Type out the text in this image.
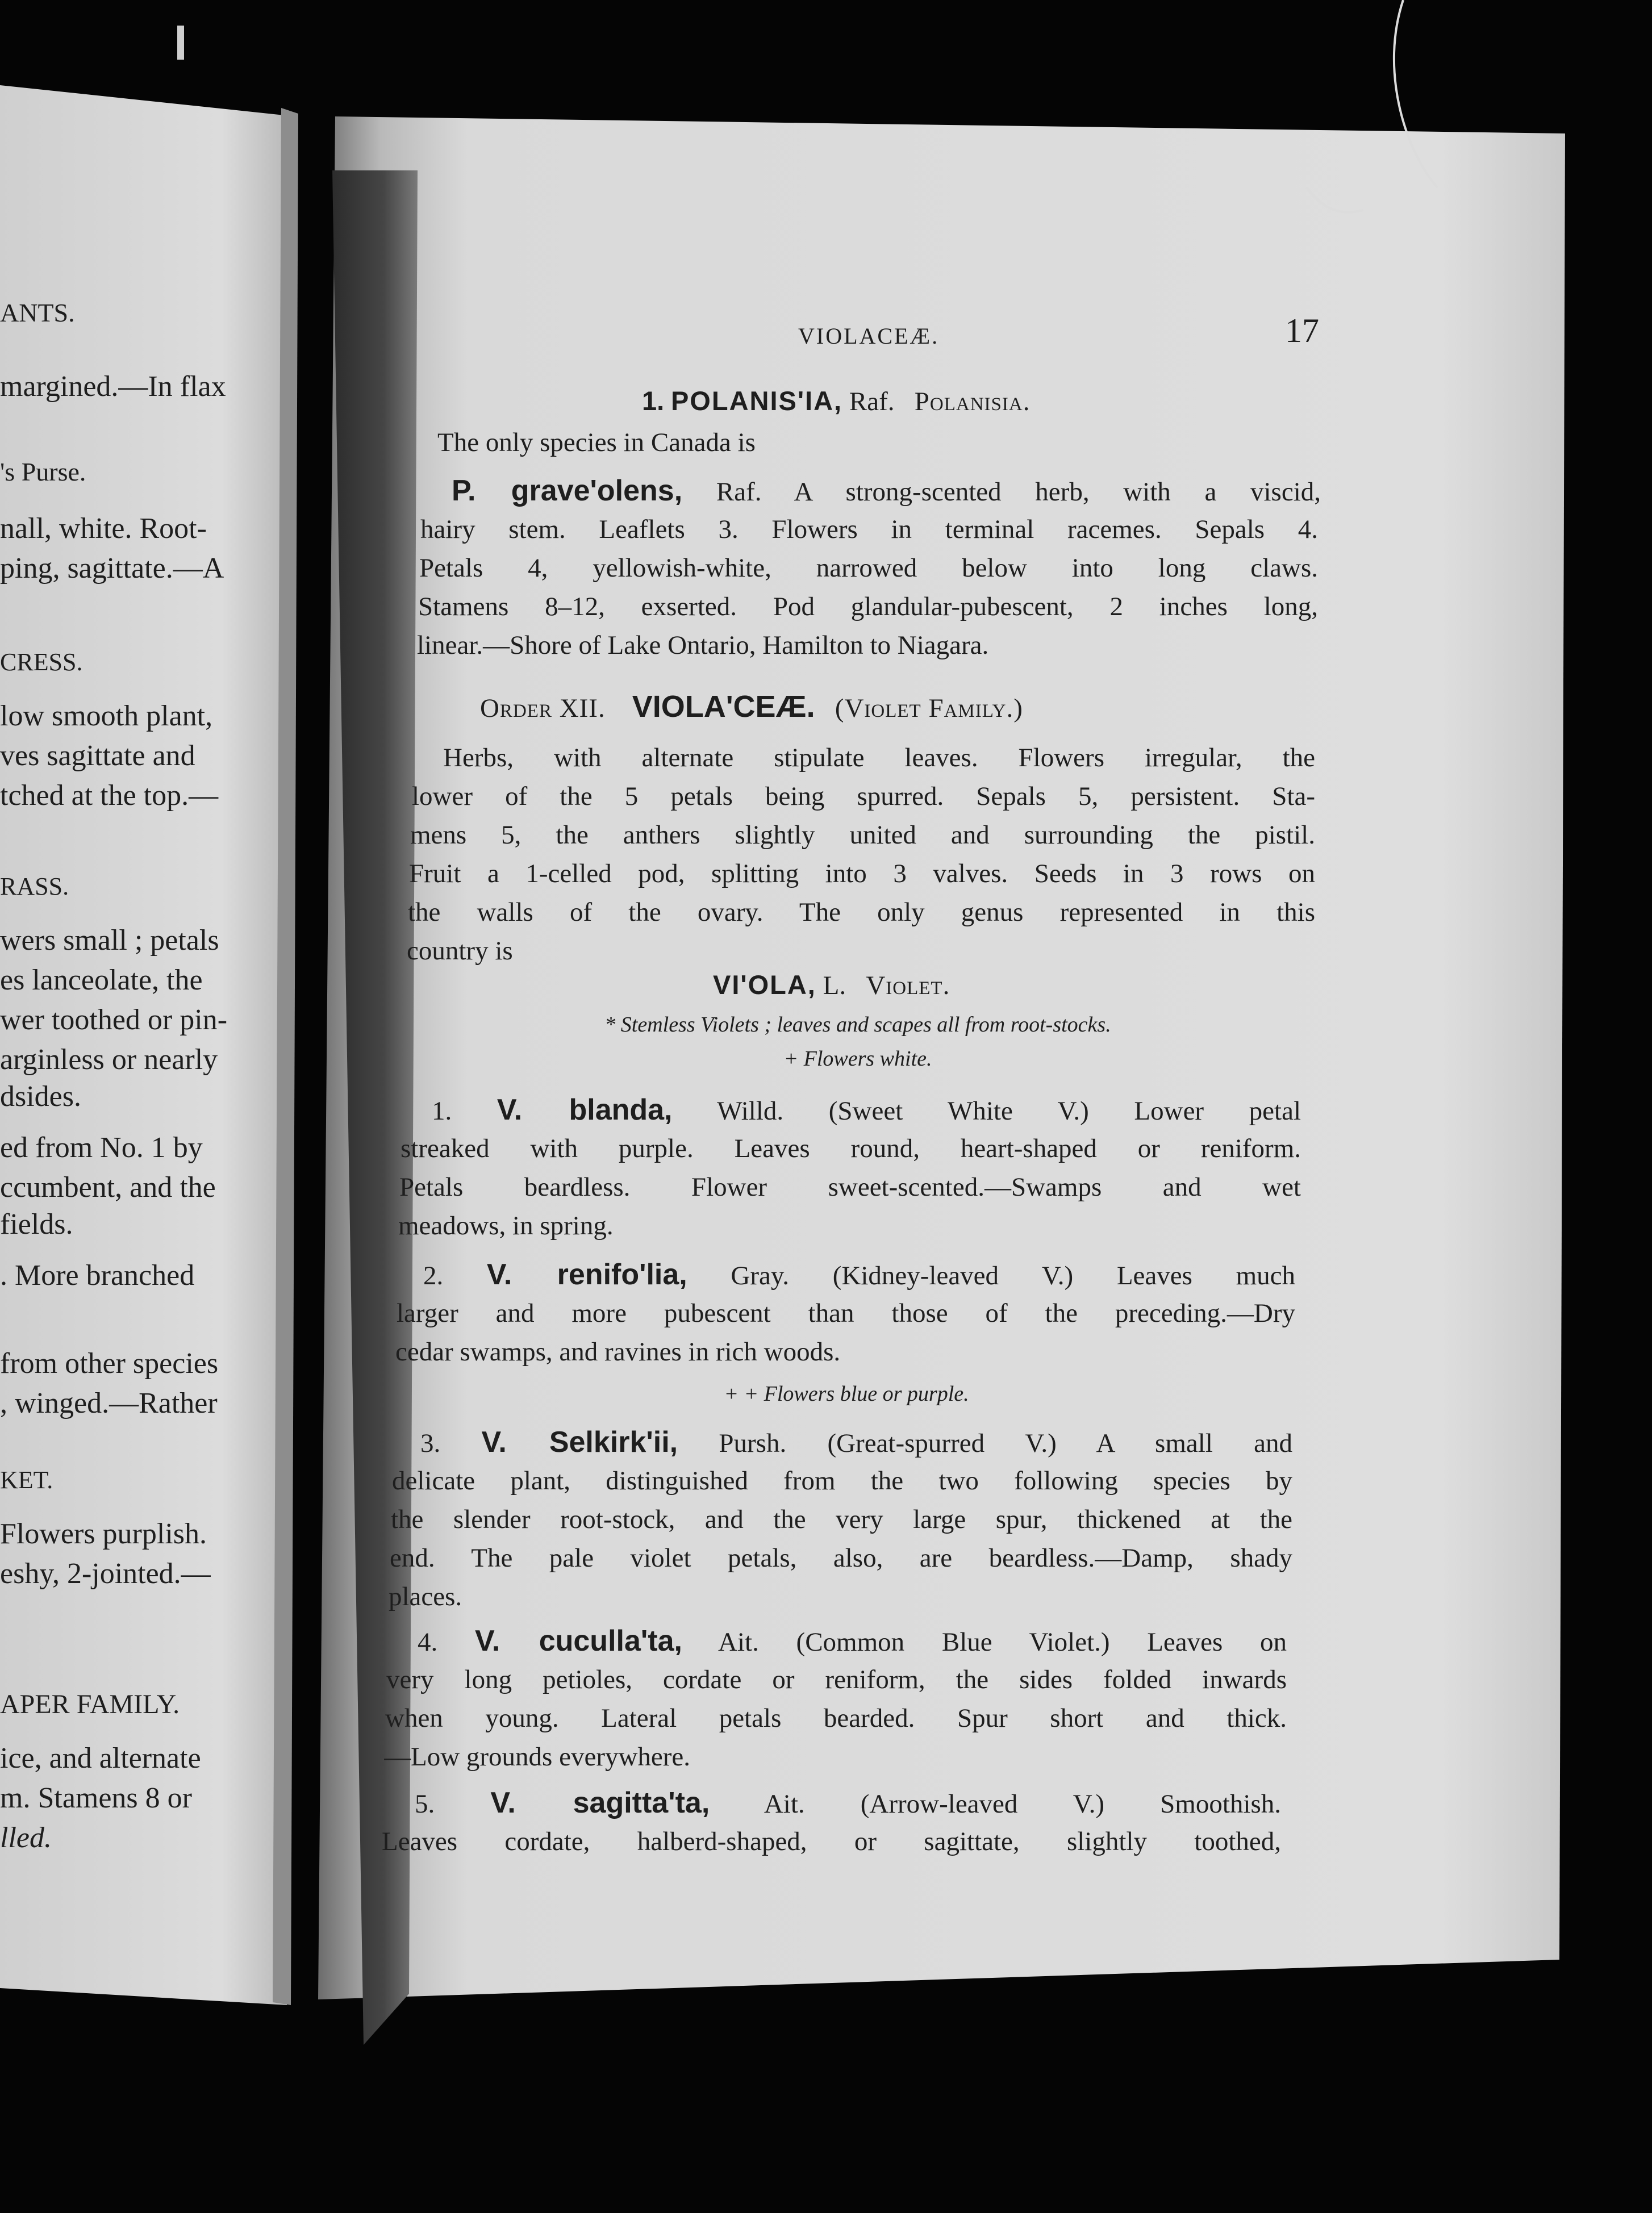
ANTS.
margined.—In flax
's Purse.
nall, white. Root-
ping, sagittate.—A
CRESS.
low smooth plant,
ves sagittate and
tched at the top.—
RASS.
wers small ; petals
es lanceolate, the
wer toothed or pin-
arginless or nearly
dsides.
ed from No. 1 by
ccumbent, and the
fields.
. More branched
from other species
, winged.—Rather
KET.
Flowers purplish.
eshy, 2-jointed.—
APER FAMILY.
ice, and alternate
m. Stamens 8 or
lled.
VIOLACEÆ.	17
1. POLANIS'IA, Raf. Polanisia.
The only species in Canada is
P. grave'olens, Raf. A strong-scented herb, with a viscid,
hairy stem. Leaflets 3. Flowers in terminal racemes. Sepals 4.
Petals 4, yellowish-white, narrowed below into long claws.
Stamens 8–12, exserted. Pod glandular-pubescent, 2 inches long,
linear.—Shore of Lake Ontario, Hamilton to Niagara.
Order XII. VIOLA'CEÆ. (Violet Family.)
Herbs, with alternate stipulate leaves. Flowers irregular, the
lower of the 5 petals being spurred. Sepals 5, persistent. Sta-
mens 5, the anthers slightly united and surrounding the pistil.
Fruit a 1-celled pod, splitting into 3 valves. Seeds in 3 rows on
the walls of the ovary. The only genus represented in this
country is
VI'OLA, L. Violet.
* Stemless Violets ; leaves and scapes all from root-stocks.
+ Flowers white.
1. V. blanda, Willd. (Sweet White V.) Lower petal
streaked with purple. Leaves round, heart-shaped or reniform.
Petals beardless. Flower sweet-scented.—Swamps and wet
meadows, in spring.
2. V. renifo'lia, Gray. (Kidney-leaved V.) Leaves much
larger and more pubescent than those of the preceding.—Dry
cedar swamps, and ravines in rich woods.
+ + Flowers blue or purple.
3. V. Selkirk'ii, Pursh. (Great-spurred V.) A small and
delicate plant, distinguished from the two following species by
the slender root-stock, and the very large spur, thickened at the
end. The pale violet petals, also, are beardless.—Damp, shady
places.
4. V. cuculla'ta, Ait. (Common Blue Violet.) Leaves on
very long petioles, cordate or reniform, the sides folded inwards
when young. Lateral petals bearded. Spur short and thick.
—Low grounds everywhere.
5. V. sagitta'ta, Ait. (Arrow-leaved V.) Smoothish.
Leaves cordate, halberd-shaped, or sagittate, slightly toothed,
